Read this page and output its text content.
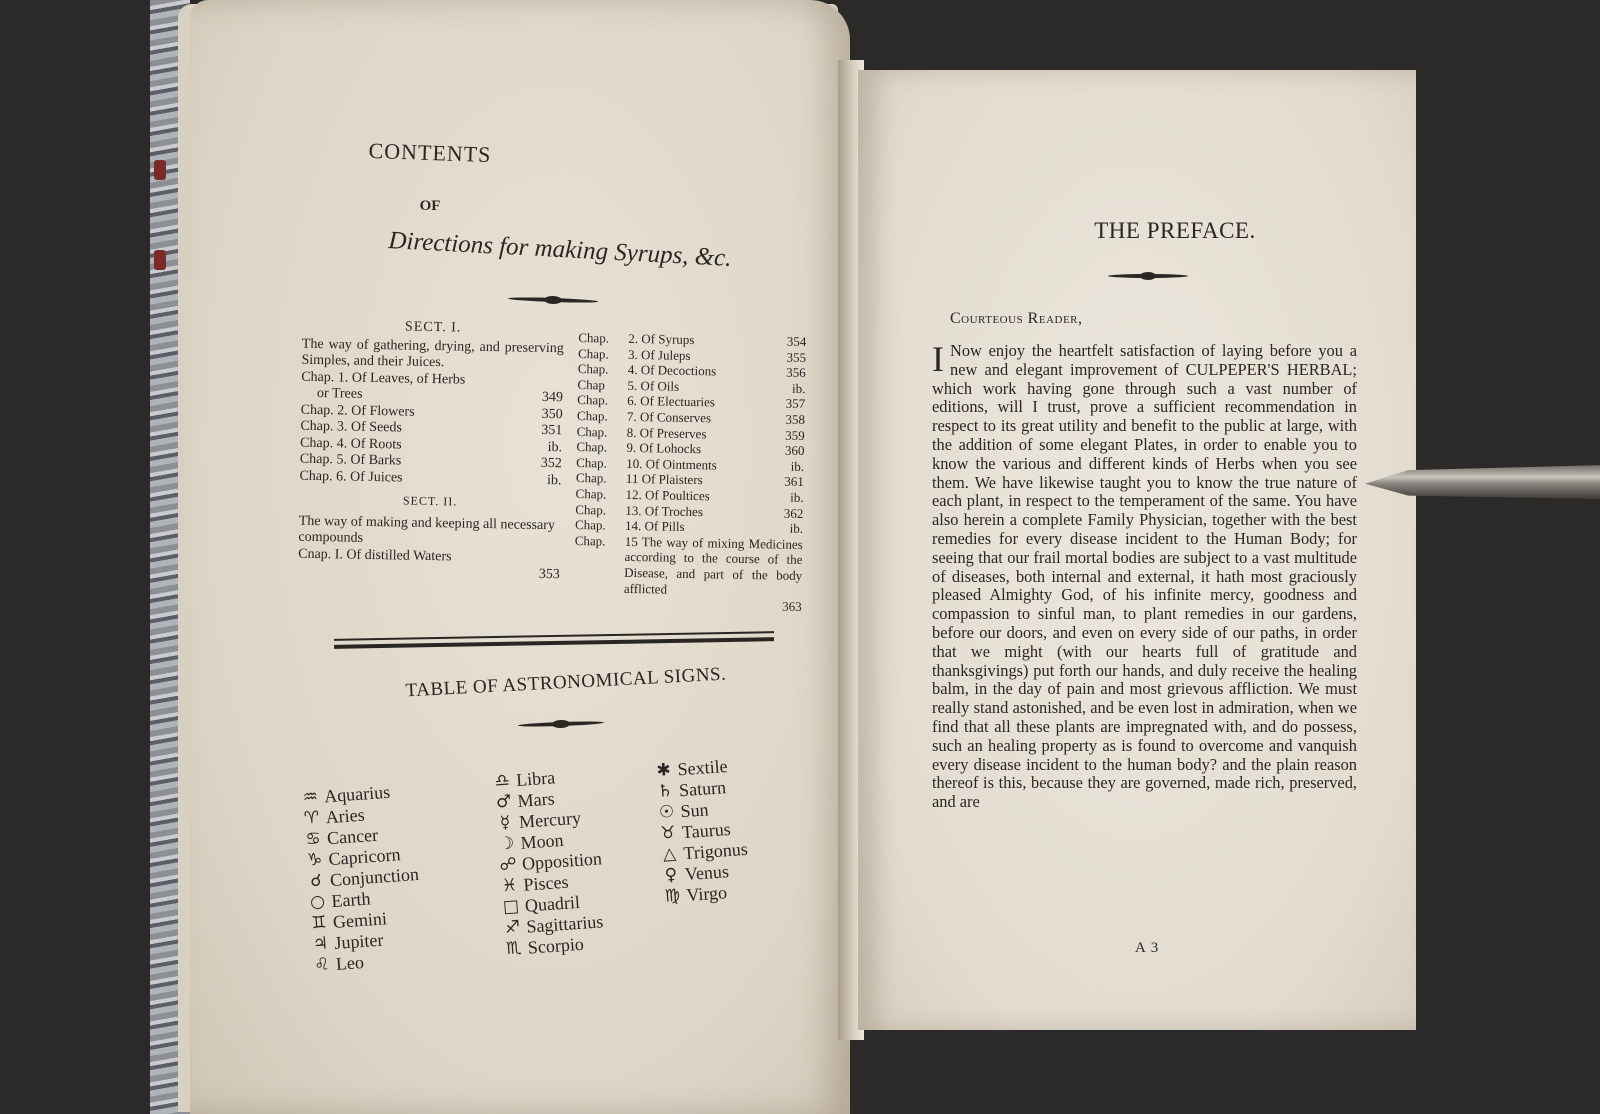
CONTENTS
OF
Directions for making Syrups, &c.
SECT. I.
The way of gathering, drying, and preserving Simples, and their Juices.
Chap. 1. Of Leaves, of Herbs
or Trees	349
Chap. 2. Of Flowers	350
Chap. 3. Of Seeds	351
Chap. 4. Of Roots	ib.
Chap. 5. Of Barks	352
Chap. 6. Of Juices	ib.
SECT. II.
The way of making and keeping all necessary compounds
Cnap. I. Of distilled Waters
353
Chap.	2. Of Syrups	354
Chap.	3. Of Juleps	355
Chap.	4. Of Decoctions	356
Chap	5. Of Oils	ib.
Chap.	6. Of Electuaries	357
Chap.	7. Of Conserves	358
Chap.	8. Of Preserves	359
Chap.	9. Of Lohocks	360
Chap.	10. Of Ointments	ib.
Chap.	11 Of Plaisters	361
Chap.	12. Of Poultices	ib.
Chap.	13. Of Troches	362
Chap.	14. Of Pills	ib.
Chap.	15 The way of mixing Medicines according to the course of the Disease, and part of the body afflicted
363
TABLE OF ASTRONOMICAL SIGNS.
♒ Aquarius
♈ Aries
♋ Cancer
♑ Capricorn
☌ Conjunction
○ Earth
♊ Gemini
♃ Jupiter
♌ Leo
♎ Libra
♂ Mars
☿ Mercury
☽ Moon
☍ Opposition
♓ Pisces
□ Quadril
♐ Sagittarius
♏ Scorpio
✱ Sextile
♄ Saturn
☉ Sun
♉ Taurus
△ Trigonus
♀ Venus
♍ Virgo
THE PREFACE.
Courteous Reader,
I Now enjoy the heartfelt satisfaction of laying before you a new and elegant improvement of CULPEPER'S HERBAL; which work having gone through such a vast number of editions, will I trust, prove a sufficient recommendation in respect to its great utility and benefit to the public at large, with the addition of some elegant Plates, in order to enable you to know the various and different kinds of Herbs when you see them. We have likewise taught you to know the true nature of each plant, in respect to the temperament of the same. You have also herein a complete Family Physician, together with the best remedies for every disease incident to the Human Body; for seeing that our frail mortal bodies are subject to a vast multitude of diseases, both internal and external, it hath most graciously pleased Almighty God, of his infinite mercy, goodness and compassion to sinful man, to plant remedies in our gardens, before our doors, and even on every side of our paths, in order that we might (with our hearts full of gratitude and thanksgivings) put forth our hands, and duly receive the healing balm, in the day of pain and most grievous affliction. We must really stand astonished, and be even lost in admiration, when we find that all these plants are impregnated with, and do possess, such an healing property as is found to overcome and vanquish every disease incident to the human body? and the plain reason thereof is this, because they are governed, made rich, preserved, and are
A 3
